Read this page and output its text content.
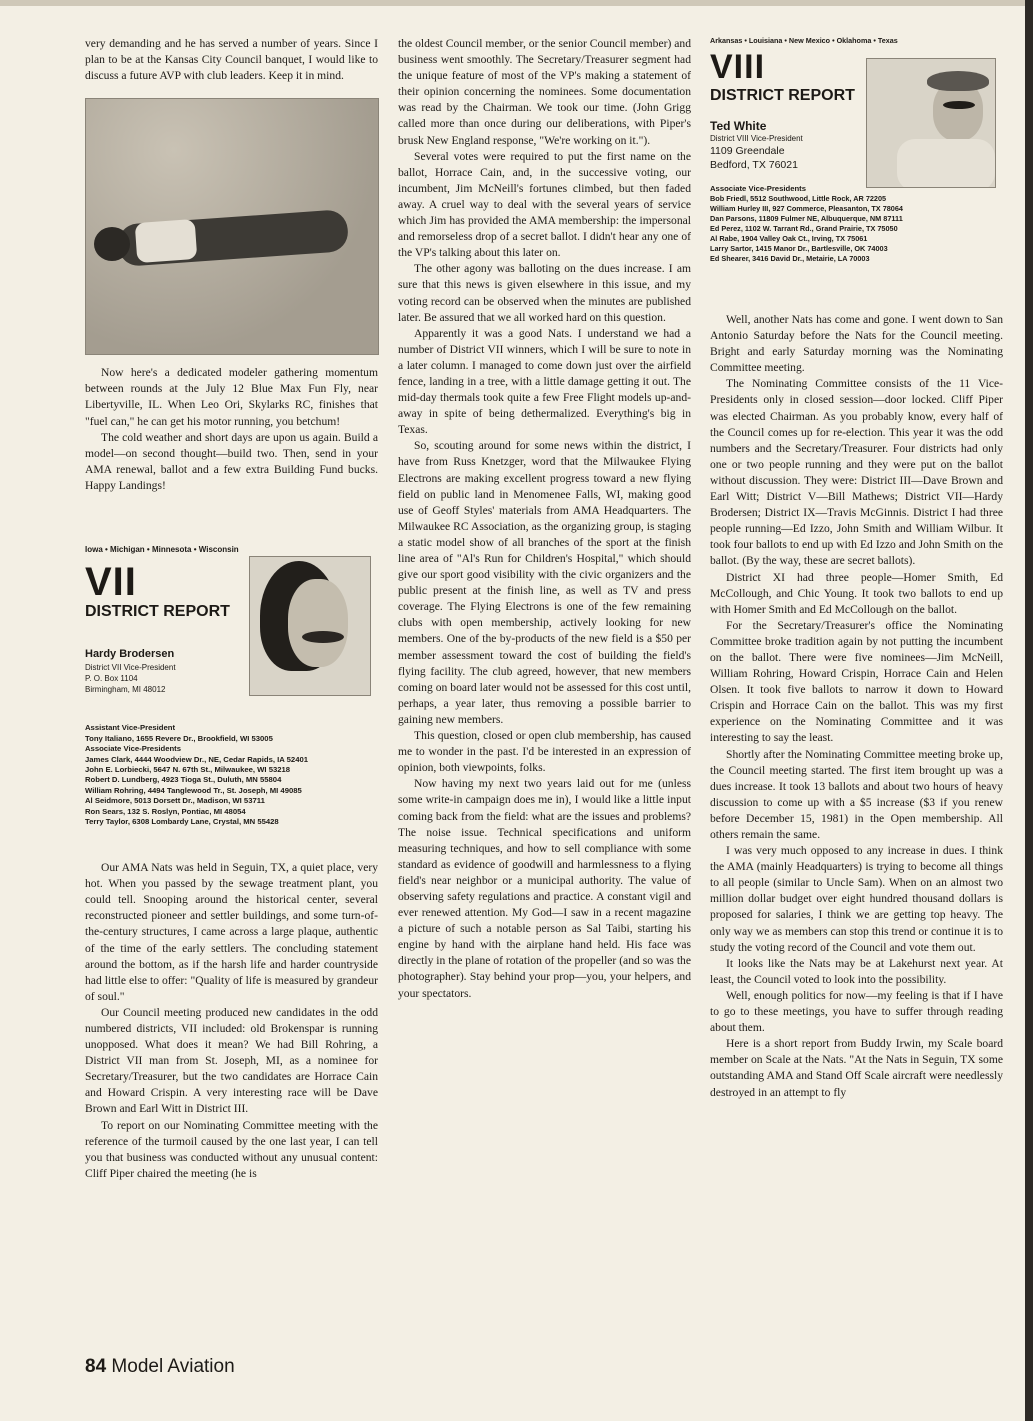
very demanding and he has served a number of years. Since I plan to be at the Kansas City Council banquet, I would like to discuss a future AVP with club leaders. Keep it in mind.

Now here's a dedicated modeler gathering momentum between rounds at the July 12 Blue Max Fun Fly, near Libertyville, IL. When Leo Ori, Skylarks RC, finishes that "fuel can," he can get his motor running, you betchum!

The cold weather and short days are upon us again. Build a model—on second thought—build two. Then, send in your AMA renewal, ballot and a few extra Building Fund bucks. Happy Landings!

Iowa • Michigan • Minnesota • Wisconsin
VII
DISTRICT REPORT
Hardy Brodersen
District VII Vice-President
P. O. Box 1104
Birmingham, MI 48012
Assistant Vice-President
Tony Italiano, 1655 Revere Dr., Brookfield, WI 53005
Associate Vice-Presidents
James Clark, 4444 Woodview Dr., NE, Cedar Rapids, IA 52401
John E. Lorbiecki, 5647 N. 67th St., Milwaukee, WI 53218
Robert D. Lundberg, 4923 Tioga St., Duluth, MN 55804
William Rohring, 4494 Tanglewood Tr., St. Joseph, MI 49085
Al Seidmore, 5013 Dorsett Dr., Madison, WI 53711
Ron Sears, 132 S. Roslyn, Pontiac, MI 48054
Terry Taylor, 6308 Lombardy Lane, Crystal, MN 55428

Our AMA Nats was held in Seguin, TX, a quiet place, very hot. When you passed by the sewage treatment plant, you could tell. Snooping around the historical center, several reconstructed pioneer and settler buildings, and some turn-of-the-century structures, I came across a large plaque, authentic of the time of the early settlers. The concluding statement around the bottom, as if the harsh life and harder countryside had little else to offer: "Quality of life is measured by grandeur of soul."

Our Council meeting produced new candidates in the odd numbered districts, VII included: old Brokenspar is running unopposed. What does it mean? We had Bill Rohring, a District VII man from St. Joseph, MI, as a nominee for Secretary/Treasurer, but the two candidates are Horrace Cain and Howard Crispin. A very interesting race will be Dave Brown and Earl Witt in District III.

To report on our Nominating Committee meeting with the reference of the turmoil caused by the one last year, I can tell you that business was conducted without any unusual content: Cliff Piper chaired the meeting (he is

the oldest Council member, or the senior Council member) and business went smoothly. The Secretary/Treasurer segment had the unique feature of most of the VP's making a statement of their opinion concerning the nominees. Some documentation was read by the Chairman. We took our time. (John Grigg called more than once during our deliberations, with Piper's brusk New England response, "We're working on it.").

Several votes were required to put the first name on the ballot, Horrace Cain, and, in the successive voting, our incumbent, Jim McNeill's fortunes climbed, but then faded away. A cruel way to deal with the several years of service which Jim has provided the AMA membership: the impersonal and remorseless drop of a secret ballot. I didn't hear any one of the VP's talking about this later on.

The other agony was balloting on the dues increase. I am sure that this news is given elsewhere in this issue, and my voting record can be observed when the minutes are published later. Be assured that we all worked hard on this question.

Apparently it was a good Nats. I understand we had a number of District VII winners, which I will be sure to note in a later column. I managed to come down just over the airfield fence, landing in a tree, with a little damage getting it out. The mid-day thermals took quite a few Free Flight models up-and-away in spite of being dethermalized. Everything's big in Texas.

So, scouting around for some news within the district, I have from Russ Knetzger, word that the Milwaukee Flying Electrons are making excellent progress toward a new flying field on public land in Menomenee Falls, WI, making good use of Geoff Styles' materials from AMA Headquarters. The Milwaukee RC Association, as the organizing group, is staging a static model show of all branches of the sport at the finish line area of "Al's Run for Children's Hospital," which should give our sport good visibility with the civic organizers and the public present at the finish line, as well as TV and press coverage. The Flying Electrons is one of the few remaining clubs with open membership, actively looking for new members. One of the by-products of the new field is a $50 per member assessment toward the cost of building the field's flying facility. The club agreed, however, that new members coming on board later would not be assessed for this cost until, perhaps, a year later, thus removing a possible barrier to gaining new members.

This question, closed or open club membership, has caused me to wonder in the past. I'd be interested in an expression of opinion, both viewpoints, folks.

Now having my next two years laid out for me (unless some write-in campaign does me in), I would like a little input coming back from the field: what are the issues and problems? The noise issue. Technical specifications and uniform measuring techniques, and how to sell compliance with some standard as evidence of goodwill and harmlessness to a flying field's near neighbor or a municipal authority. The value of observing safety regulations and practice. A constant vigil and ever renewed attention. My God—I saw in a recent magazine a picture of such a notable person as Sal Taibi, starting his engine by hand with the airplane hand held. His face was directly in the plane of rotation of the propeller (and so was the photographer). Stay behind your prop—you, your helpers, and your spectators.

Arkansas • Louisiana • New Mexico • Oklahoma • Texas
VIII
DISTRICT REPORT
Ted White
District VIII Vice-President
1109 Greendale
Bedford, TX 76021
Associate Vice-Presidents
Bob Friedl, 5512 Southwood, Little Rock, AR 72205
William Hurley III, 927 Commerce, Pleasanton, TX 78064
Dan Parsons, 11809 Fulmer NE, Albuquerque, NM 87111
Ed Perez, 1102 W. Tarrant Rd., Grand Prairie, TX 75050
Al Rabe, 1904 Valley Oak Ct., Irving, TX 75061
Larry Sartor, 1415 Manor Dr., Bartlesville, OK 74003
Ed Shearer, 3416 David Dr., Metairie, LA 70003

Well, another Nats has come and gone. I went down to San Antonio Saturday before the Nats for the Council meeting. Bright and early Saturday morning was the Nominating Committee meeting.

The Nominating Committee consists of the 11 Vice-Presidents only in closed session—door locked. Cliff Piper was elected Chairman. As you probably know, every half of the Council comes up for re-election. This year it was the odd numbers and the Secretary/Treasurer. Four districts had only one or two people running and they were put on the ballot without discussion. They were: District III—Dave Brown and Earl Witt; District V—Bill Mathews; District VII—Hardy Brodersen; District IX—Travis McGinnis. District I had three people running—Ed Izzo, John Smith and William Wilbur. It took four ballots to end up with Ed Izzo and John Smith on the ballot. (By the way, these are secret ballots).

District XI had three people—Homer Smith, Ed McCollough, and Chic Young. It took two ballots to end up with Homer Smith and Ed McCollough on the ballot.

For the Secretary/Treasurer's office the Nominating Committee broke tradition again by not putting the incumbent on the ballot. There were five nominees—Jim McNeill, William Rohring, Howard Crispin, Horrace Cain and Helen Olsen. It took five ballots to narrow it down to Howard Crispin and Horrace Cain on the ballot. This was my first experience on the Nominating Committee and it was interesting to say the least.

Shortly after the Nominating Committee meeting broke up, the Council meeting started. The first item brought up was a dues increase. It took 13 ballots and about two hours of heavy discussion to come up with a $5 increase ($3 if you renew before December 15, 1981) in the Open membership. All others remain the same.

I was very much opposed to any increase in dues. I think the AMA (mainly Headquarters) is trying to become all things to all people (similar to Uncle Sam). When on an almost two million dollar budget over eight hundred thousand dollars is proposed for salaries, I think we are getting top heavy. The only way we as members can stop this trend or continue it is to study the voting record of the Council and vote them out.

It looks like the Nats may be at Lakehurst next year. At least, the Council voted to look into the possibility.

Well, enough politics for now—my feeling is that if I have to go to these meetings, you have to suffer through reading about them.

Here is a short report from Buddy Irwin, my Scale board member on Scale at the Nats. "At the Nats in Seguin, TX some outstanding AMA and Stand Off Scale aircraft were needlessly destroyed in an attempt to fly

84 Model Aviation
